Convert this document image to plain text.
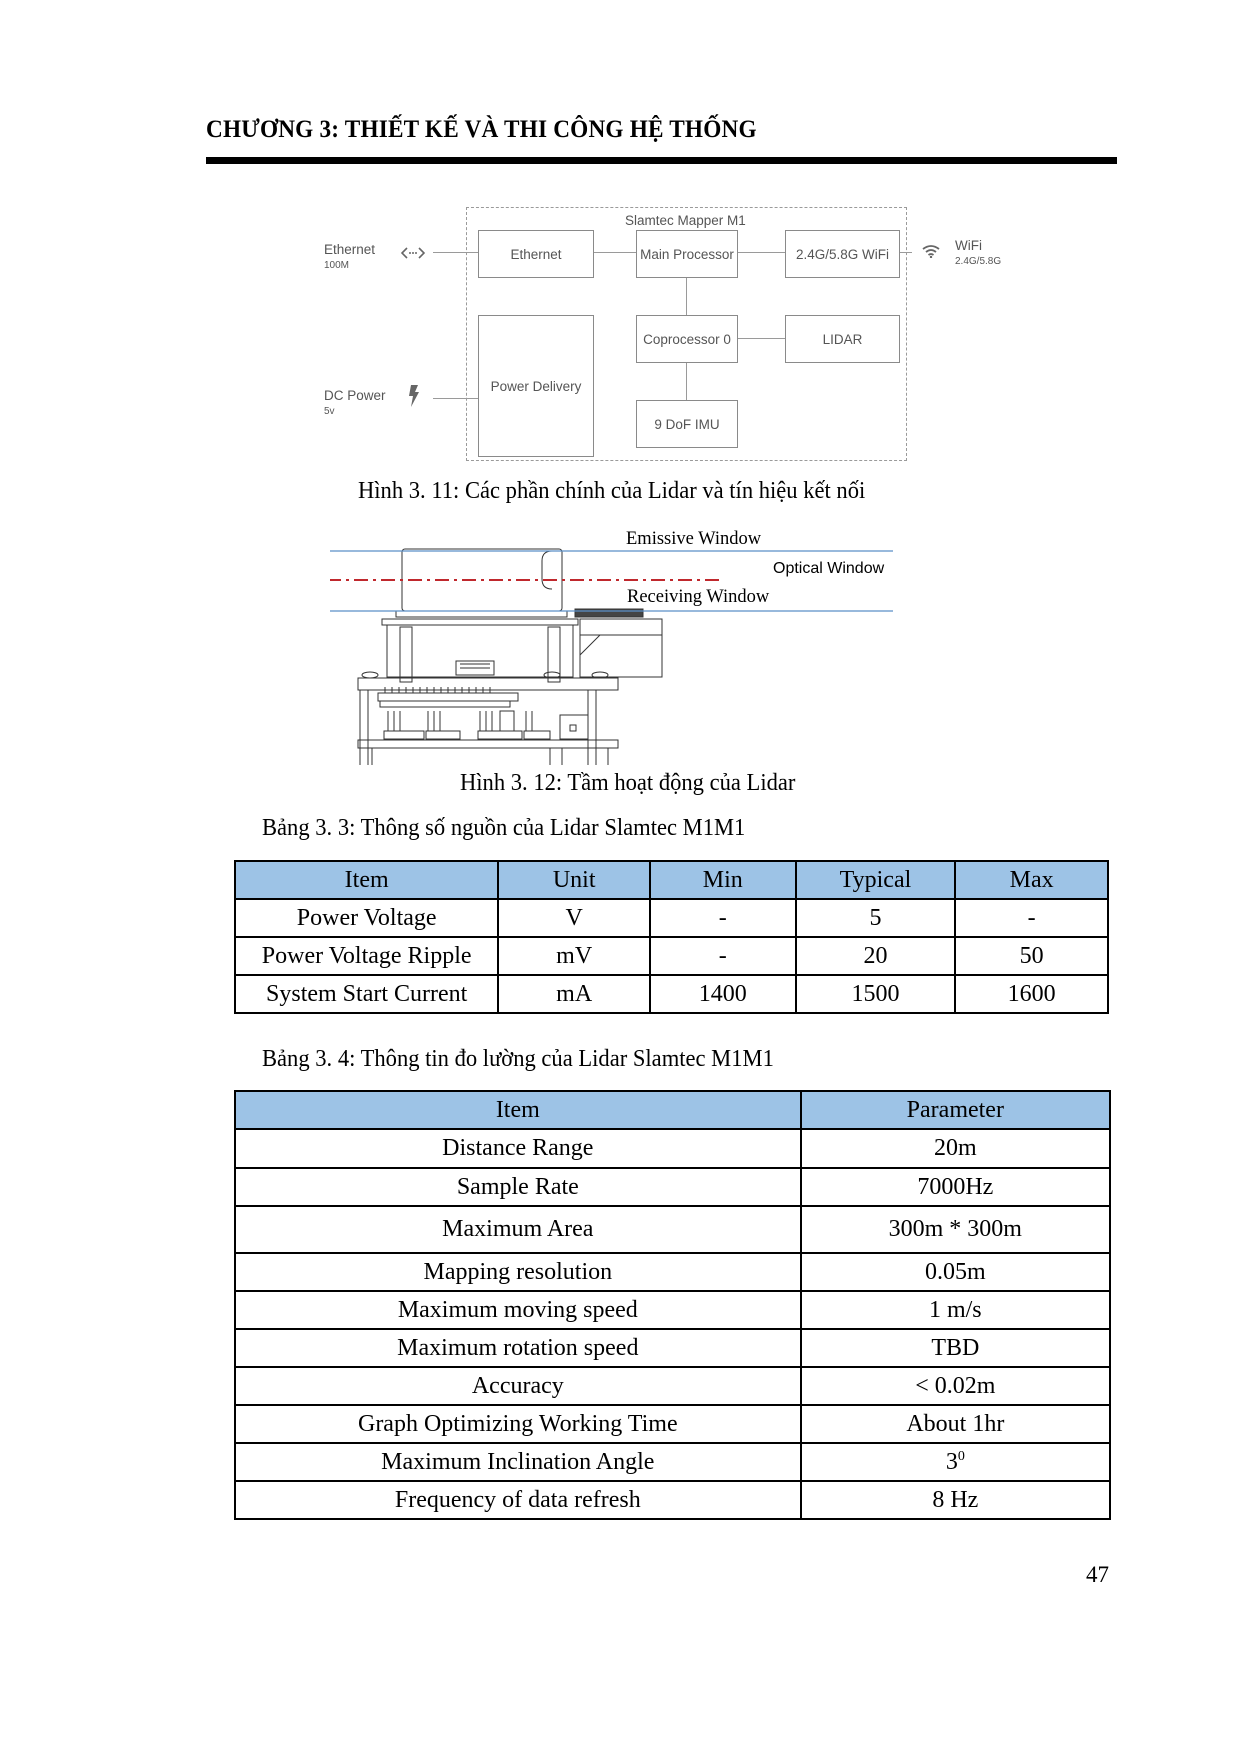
CHƯƠNG 3: THIẾT KẾ VÀ THI CÔNG HỆ THỐNG
Slamtec Mapper M1
Ethernet
100M
DC Power
5v
WiFi
2.4G/5.8G
Ethernet	Main Processor	2.4G/5.8G WiFi
Power Delivery
Coprocessor 0	LIDAR
9 DoF IMU
Hình 3. 11: Các phần chính của Lidar và tín hiệu kết nối
Emissive Window
Receiving Window
Optical Window
Hình 3. 12: Tầm hoạt động của Lidar
Bảng 3. 3: Thông số nguồn của Lidar Slamtec M1M1
Item	Unit	Min	Typical	Max
Power Voltage	V	-	5	-
Power Voltage Ripple	mV	-	20	50
System Start Current	mA	1400	1500	1600
Bảng 3. 4: Thông tin đo lường của Lidar Slamtec M1M1
Item	Parameter
Distance Range	20m
Sample Rate	7000Hz
Maximum Area	300m * 300m
Mapping resolution	0.05m
Maximum moving speed	1 m/s
Maximum rotation speed	TBD
Accuracy	< 0.02m
Graph Optimizing Working Time	About 1hr
Maximum Inclination Angle	$3^0$
Frequency of data refresh	8 Hz
47
